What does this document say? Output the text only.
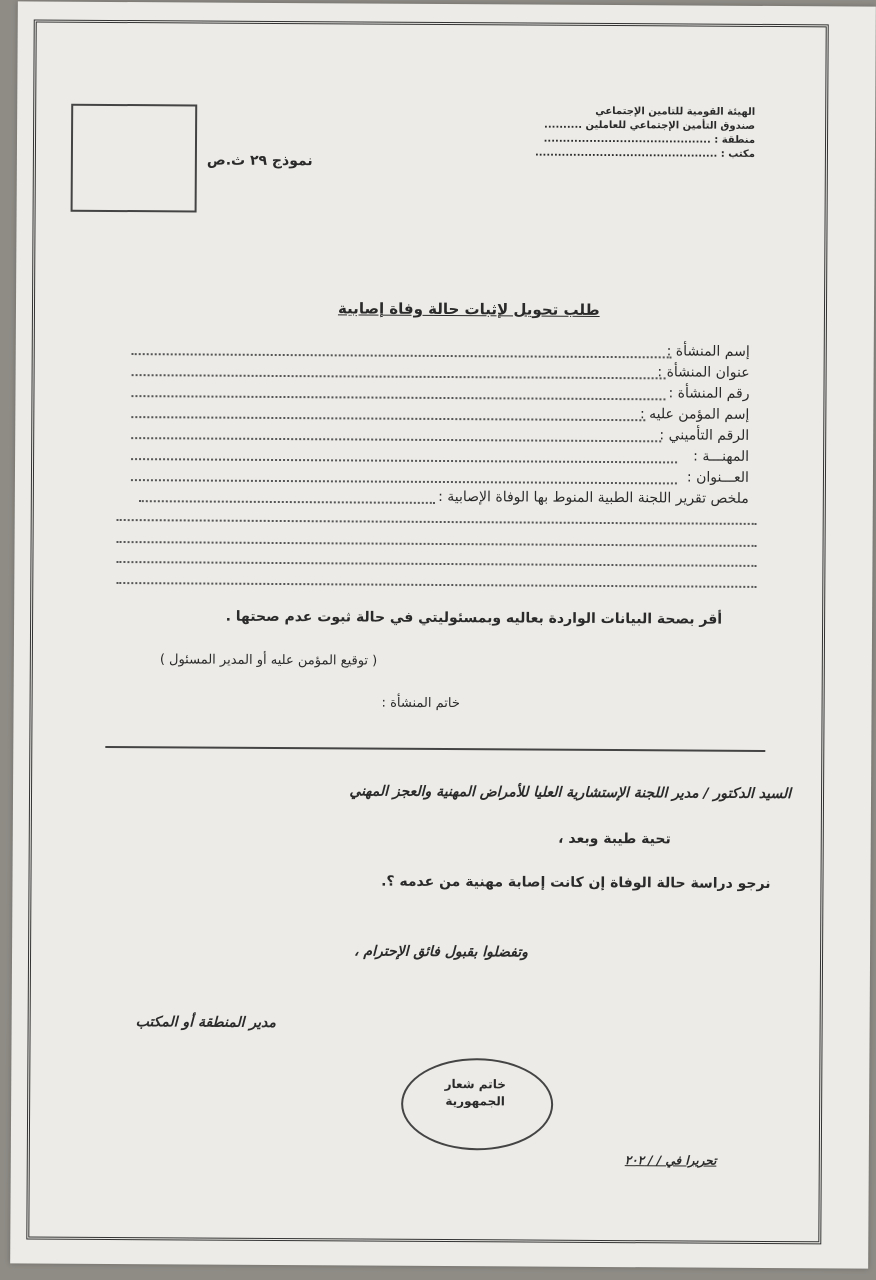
الهيئة القومية للتامين الإجتماعي
صندوق التأمين الإجتماعي للعاملين ..........
منطقة : ............................................
مكتب : ................................................
نموذج ٢٩ ث.ص
طلب تحويل لإثبات حالة وفاة إصابية
إسم المنشأة :
عنوان المنشأة :
رقم المنشأة :
إسم المؤمن عليه :
الرقم التأميني :
المهنـــة :
العـــنوان :
ملخص تقرير اللجنة الطبية المنوط بها الوفاة الإصابية :
أقر بصحة البيانات الواردة بعاليه وبمسئوليتي في حالة ثبوت عدم صحتها .
( توقيع المؤمن عليه أو المدير المسئول )
خاتم المنشأة :
السيد الدكتور / مدير اللجنة الإستشارية العليا للأمراض المهنية والعجز المهني
تحية طيبة وبعد ،
نرجو دراسة حالة الوفاة إن كانت إصابة مهنية من عدمه ؟.
وتفضلوا بقبول فائق الإحترام ،
مدير المنطقة أو المكتب
خاتم شعار
الجمهورية
تحريرا في / / ٢٠٢
